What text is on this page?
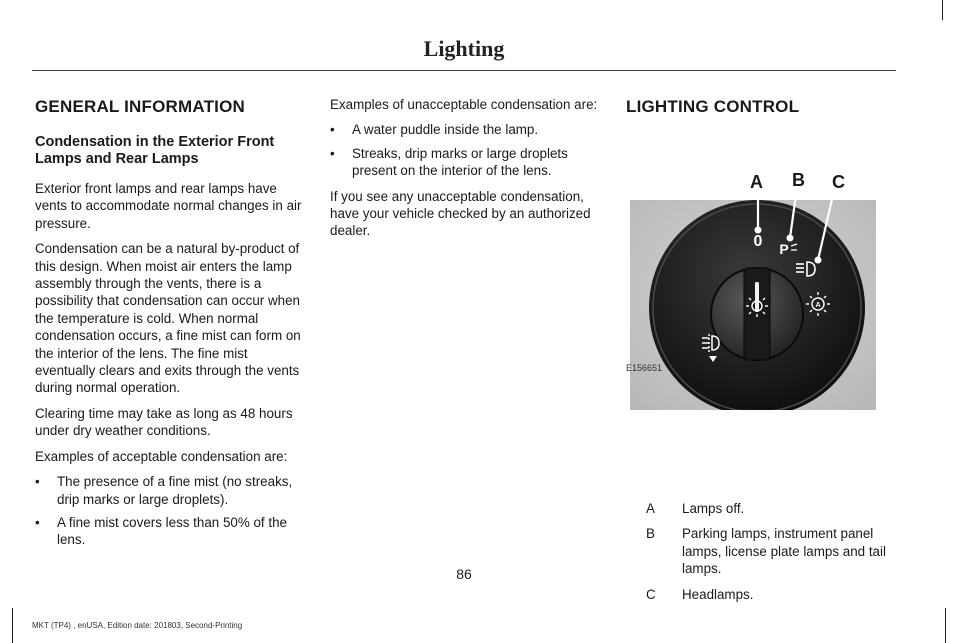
Lighting
GENERAL INFORMATION
Condensation in the Exterior Front Lamps and Rear Lamps

Exterior front lamps and rear lamps have vents to accommodate normal changes in air pressure.

Condensation can be a natural by-product of this design. When moist air enters the lamp assembly through the vents, there is a possibility that condensation can occur when the temperature is cold. When normal condensation occurs, a fine mist can form on the interior of the lens. The fine mist eventually clears and exits through the vents during normal operation.

Clearing time may take as long as 48 hours under dry weather conditions.

Examples of acceptable condensation are:

• The presence of a fine mist (no streaks, drip marks or large droplets).
• A fine mist covers less than 50% of the lens.

Examples of unacceptable condensation are:

• A water puddle inside the lamp.
• Streaks, drip marks or large droplets present on the interior of the lens.

If you see any unacceptable condensation, have your vehicle checked by an authorized dealer.

LIGHTING CONTROL
A B C
0 P
A
E156651
A Lamps off.
B Parking lamps, instrument panel lamps, license plate lamps and tail lamps.
C Headlamps.
86
MKT (TP4) , enUSA, Edition date: 201803, Second-Printing
